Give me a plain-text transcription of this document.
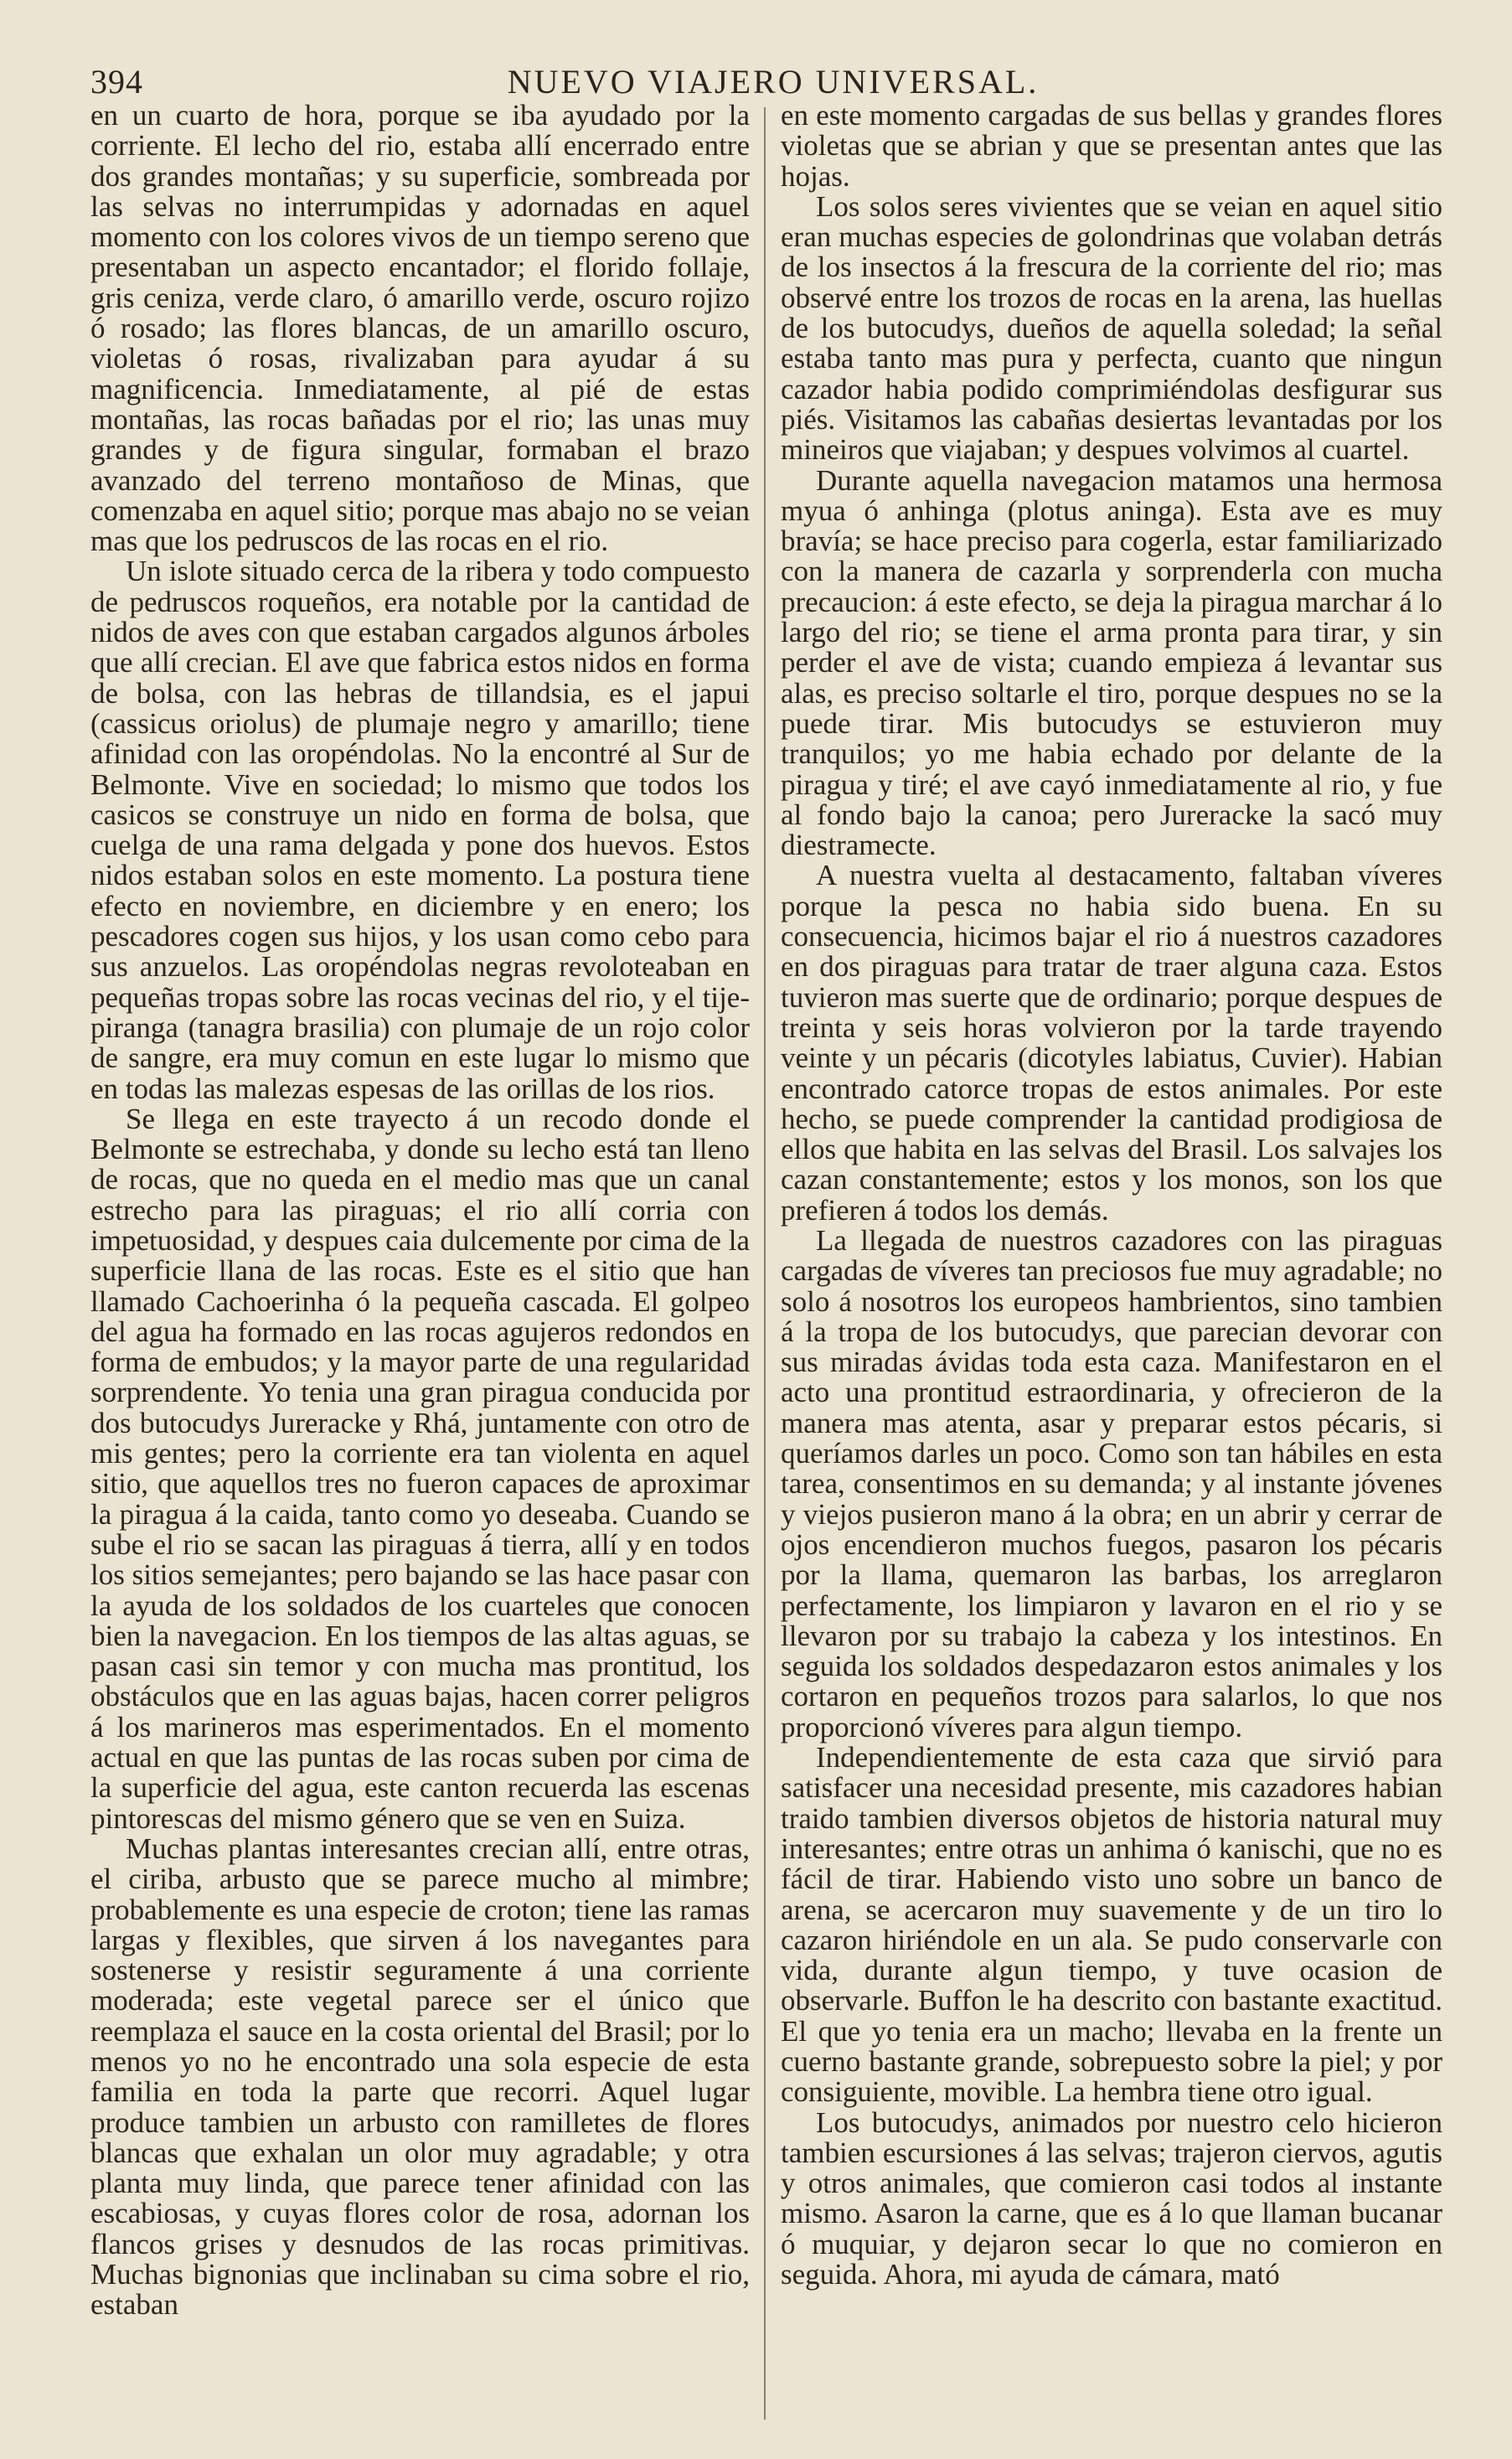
394	NUEVO VIAJERO UNIVERSAL.

en un cuarto de hora, porque se iba ayudado por la corriente. El lecho del rio, estaba allí encerrado entre dos grandes montañas; y su superficie, sombreada por las selvas no interrumpidas y adornadas en aquel momento con los colores vivos de un tiempo sereno que presentaban un aspecto encantador; el florido follaje, gris ceniza, verde claro, ó amarillo verde, oscuro rojizo ó rosado; las flores blancas, de un amarillo oscuro, violetas ó rosas, rivalizaban para ayudar á su magnificencia. Inmediatamente, al pié de estas montañas, las rocas bañadas por el rio; las unas muy grandes y de figura singular, formaban el brazo avanzado del terreno montañoso de Minas, que comenzaba en aquel sitio; porque mas abajo no se veian mas que los pedruscos de las rocas en el rio.

Un islote situado cerca de la ribera y todo compuesto de pedruscos roqueños, era notable por la cantidad de nidos de aves con que estaban cargados algunos árboles que allí crecian. El ave que fabrica estos nidos en forma de bolsa, con las hebras de tillandsia, es el japui (cassicus oriolus) de plumaje negro y amarillo; tiene afinidad con las oropéndolas. No la encontré al Sur de Belmonte. Vive en sociedad; lo mismo que todos los casicos se construye un nido en forma de bolsa, que cuelga de una rama delgada y pone dos huevos. Estos nidos estaban solos en este momento. La postura tiene efecto en noviembre, en diciembre y en enero; los pescadores cogen sus hijos, y los usan como cebo para sus anzuelos. Las oropéndolas negras revoloteaban en pequeñas tropas sobre las rocas vecinas del rio, y el tije-piranga (tanagra brasilia) con plumaje de un rojo color de sangre, era muy comun en este lugar lo mismo que en todas las malezas espesas de las orillas de los rios.

Se llega en este trayecto á un recodo donde el Belmonte se estrechaba, y donde su lecho está tan lleno de rocas, que no queda en el medio mas que un canal estrecho para las piraguas; el rio allí corria con impetuosidad, y despues caia dulcemente por cima de la superficie llana de las rocas. Este es el sitio que han llamado Cachoerinha ó la pequeña cascada. El golpeo del agua ha formado en las rocas agujeros redondos en forma de embudos; y la mayor parte de una regularidad sorprendente. Yo tenia una gran piragua conducida por dos butocudys Jureracke y Rhá, juntamente con otro de mis gentes; pero la corriente era tan violenta en aquel sitio, que aquellos tres no fueron capaces de aproximar la piragua á la caida, tanto como yo deseaba. Cuando se sube el rio se sacan las piraguas á tierra, allí y en todos los sitios semejantes; pero bajando se las hace pasar con la ayuda de los soldados de los cuarteles que conocen bien la navegacion. En los tiempos de las altas aguas, se pasan casi sin temor y con mucha mas prontitud, los obstáculos que en las aguas bajas, hacen correr peligros á los marineros mas esperimentados. En el momento actual en que las puntas de las rocas suben por cima de la superficie del agua, este canton recuerda las escenas pintorescas del mismo género que se ven en Suiza.

Muchas plantas interesantes crecian allí, entre otras, el ciriba, arbusto que se parece mucho al mimbre; probablemente es una especie de croton; tiene las ramas largas y flexibles, que sirven á los navegantes para sostenerse y resistir seguramente á una corriente moderada; este vegetal parece ser el único que reemplaza el sauce en la costa oriental del Brasil; por lo menos yo no he encontrado una sola especie de esta familia en toda la parte que recorri. Aquel lugar produce tambien un arbusto con ramilletes de flores blancas que exhalan un olor muy agradable; y otra planta muy linda, que parece tener afinidad con las escabiosas, y cuyas flores color de rosa, adornan los flancos grises y desnudos de las rocas primitivas. Muchas bignonias que inclinaban su cima sobre el rio, estaban

en este momento cargadas de sus bellas y grandes flores violetas que se abrian y que se presentan antes que las hojas.

Los solos seres vivientes que se veian en aquel sitio eran muchas especies de golondrinas que volaban detrás de los insectos á la frescura de la corriente del rio; mas observé entre los trozos de rocas en la arena, las huellas de los butocudys, dueños de aquella soledad; la señal estaba tanto mas pura y perfecta, cuanto que ningun cazador habia podido comprimiéndolas desfigurar sus piés. Visitamos las cabañas desiertas levantadas por los mineiros que viajaban; y despues volvimos al cuartel.

Durante aquella navegacion matamos una hermosa myua ó anhinga (plotus aninga). Esta ave es muy bravía; se hace preciso para cogerla, estar familiarizado con la manera de cazarla y sorprenderla con mucha precaucion: á este efecto, se deja la piragua marchar á lo largo del rio; se tiene el arma pronta para tirar, y sin perder el ave de vista; cuando empieza á levantar sus alas, es preciso soltarle el tiro, porque despues no se la puede tirar. Mis butocudys se estuvieron muy tranquilos; yo me habia echado por delante de la piragua y tiré; el ave cayó inmediatamente al rio, y fue al fondo bajo la canoa; pero Jureracke la sacó muy diestramecte.

A nuestra vuelta al destacamento, faltaban víveres porque la pesca no habia sido buena. En su consecuencia, hicimos bajar el rio á nuestros cazadores en dos piraguas para tratar de traer alguna caza. Estos tuvieron mas suerte que de ordinario; porque despues de treinta y seis horas volvieron por la tarde trayendo veinte y un pécaris (dicotyles labiatus, Cuvier). Habian encontrado catorce tropas de estos animales. Por este hecho, se puede comprender la cantidad prodigiosa de ellos que habita en las selvas del Brasil. Los salvajes los cazan constantemente; estos y los monos, son los que prefieren á todos los demás.

La llegada de nuestros cazadores con las piraguas cargadas de víveres tan preciosos fue muy agradable; no solo á nosotros los europeos hambrientos, sino tambien á la tropa de los butocudys, que parecian devorar con sus miradas ávidas toda esta caza. Manifestaron en el acto una prontitud estraordinaria, y ofrecieron de la manera mas atenta, asar y preparar estos pécaris, si queríamos darles un poco. Como son tan hábiles en esta tarea, consentimos en su demanda; y al instante jóvenes y viejos pusieron mano á la obra; en un abrir y cerrar de ojos encendieron muchos fuegos, pasaron los pécaris por la llama, quemaron las barbas, los arreglaron perfectamente, los limpiaron y lavaron en el rio y se llevaron por su trabajo la cabeza y los intestinos. En seguida los soldados despedazaron estos animales y los cortaron en pequeños trozos para salarlos, lo que nos proporcionó víveres para algun tiempo.

Independientemente de esta caza que sirvió para satisfacer una necesidad presente, mis cazadores habian traido tambien diversos objetos de historia natural muy interesantes; entre otras un anhima ó kanischi, que no es fácil de tirar. Habiendo visto uno sobre un banco de arena, se acercaron muy suavemente y de un tiro lo cazaron hiriéndole en un ala. Se pudo conservarle con vida, durante algun tiempo, y tuve ocasion de observarle. Buffon le ha descrito con bastante exactitud. El que yo tenia era un macho; llevaba en la frente un cuerno bastante grande, sobrepuesto sobre la piel; y por consiguiente, movible. La hembra tiene otro igual.

Los butocudys, animados por nuestro celo hicieron tambien escursiones á las selvas; trajeron ciervos, agutis y otros animales, que comieron casi todos al instante mismo. Asaron la carne, que es á lo que llaman bucanar ó muquiar, y dejaron secar lo que no comieron en seguida. Ahora, mi ayuda de cámara, mató
